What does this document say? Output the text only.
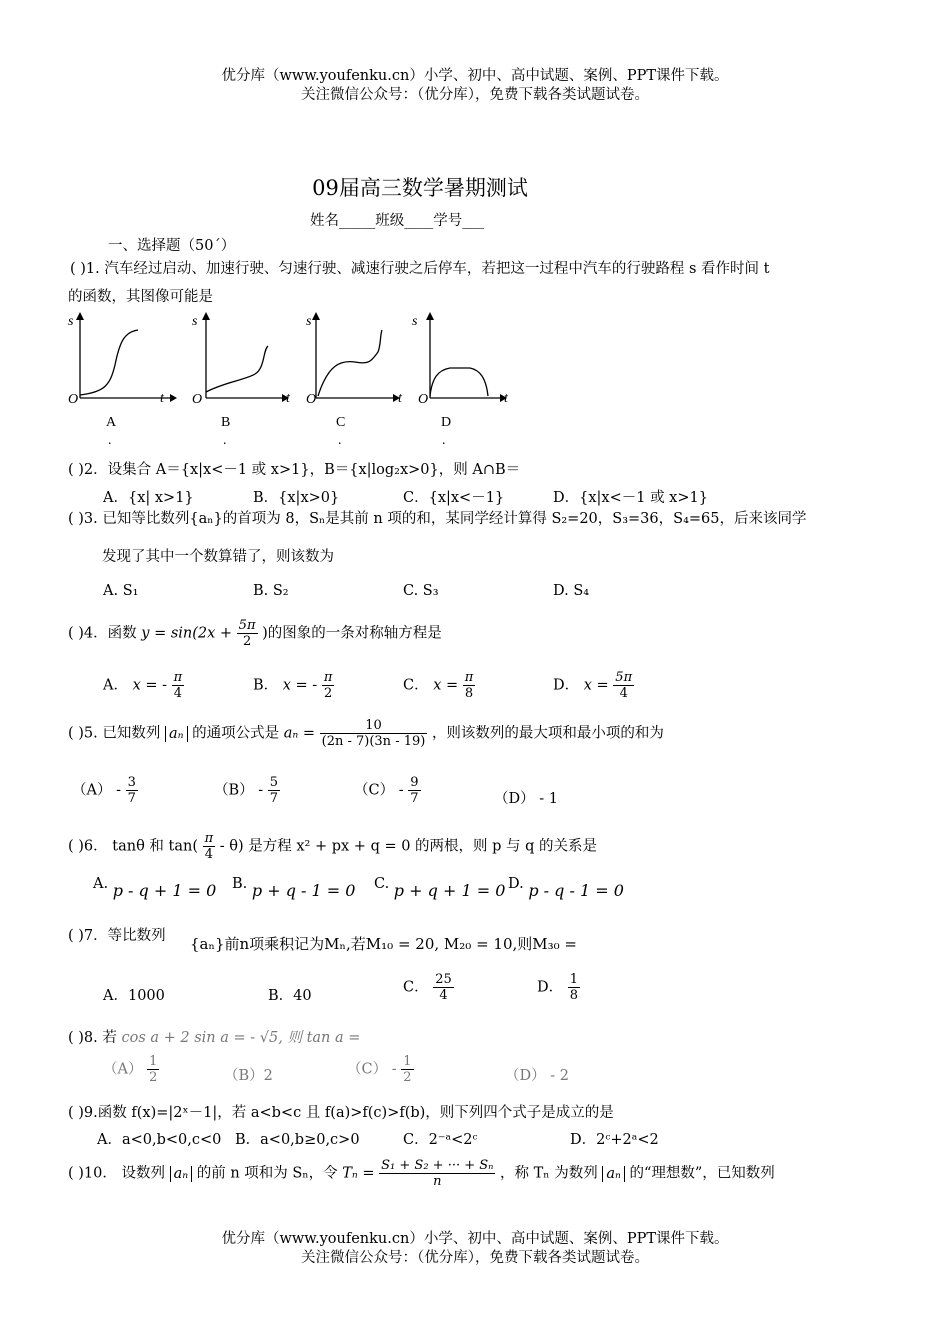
优分库（www.youfenku.cn）小学、初中、高中试题、案例、PPT课件下载。
关注微信公众号：（优分库），免费下载各类试题试卷。
09届高三数学暑期测试
姓名_____班级____学号___
一、选择题（50´）
( )1. 汽车经过启动、加速行驶、匀速行驶、减速行驶之后停车，若把这一过程中汽车的行驶路程 s 看作时间 t
的函数，其图像可能是
s
t
O
A
.
s
t
O
B
.
s
t
O
C
.
s
t
O
D
.
( )2．设集合 A＝{x|x<－1 或 x>1}，B＝{x|log₂x>0}，则 A∩B＝
A．{x| x>1}	B．{x|x>0}	C．{x|x<－1}	D．{x|x<－1 或 x>1}
( )3. 已知等比数列{aₙ}的首项为 8，Sₙ是其前 n 项的和，某同学经计算得 S₂=20，S₃=36，S₄=65，后来该同学
发现了其中一个数算错了，则该数为
A. S₁	B. S₂	C. S₃	D. S₄
( )4．函数 $y = \sin(2x + \frac{5\pi}{2}$ )的图象的一条对称轴方程是
A． x = - $\frac{\pi}{4}$	B． x = - $\frac{\pi}{2}$	C． $x = \frac{\pi}{8}$	D． $x = \frac{5\pi}{4}$
( )5. 已知数列 aₙ 的通项公式是 $a_n = \frac{10}{(2n - 7)(3n - 19)}$ ，则该数列的最大项和最小项的和为
$(A) - \frac{3}{7}$	$(B) - \frac{5}{7}$	$(C) - \frac{9}{7}$	（D） - 1
( )6． tanθ 和 $\tan( \frac{\pi}{4} - \theta)$ 是方程 x² + px + q = 0 的两根，则 p 与 q 的关系是
A. p - q + 1 = 0 B. p + q - 1 = 0 C. p + q + 1 = 0 D. p - q - 1 = 0
( )7．等比数列 {aₙ}前n项乘积记为Mₙ,若M₁₀ = 20, M₂₀ = 10,则M₃₀ =
A．1000	B．40
C． $\frac{25}{4}$	D． $\frac{1}{8}$
( )8. 若 cos a + 2 sin a = - √5, 则 tan a =
$(A) \frac{1}{2}$	（B）2	$(C) - \frac{1}{2}$	（D） - 2
( )9.函数 f(x)=|2ˣ－1|，若 a<b<c 且 f(a)>f(c)>f(b)，则下列四个式子是成立的是
A．a<0,b<0,c<0 B．a<0,b≥0,c>0	C．2⁻ᵃ<2ᶜ	D．2ᶜ+2ᵃ<2
( )10． 设数列 aₙ 的前 n 项和为 Sₙ，令 $T_n = \frac{\text{S₁ + S₂ + ··· + Sₙ}}{n}$ ，称 Tₙ 为数列 aₙ 的“理想数”，已知数列
优分库（www.youfenku.cn）小学、初中、高中试题、案例、PPT课件下载。
关注微信公众号：（优分库），免费下载各类试题试卷。
